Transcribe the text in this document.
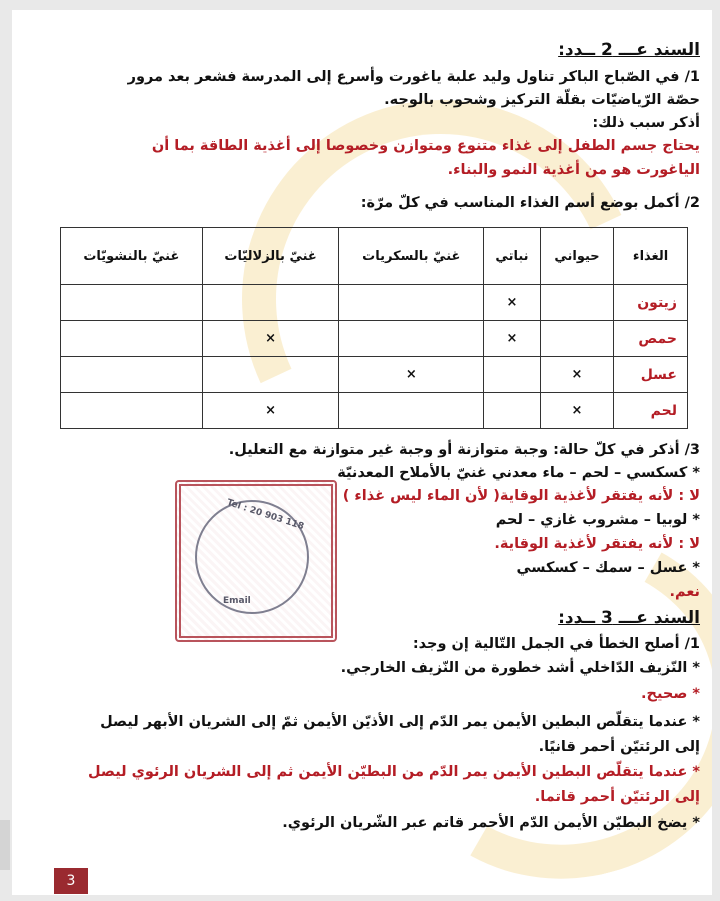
السند عـــ 2 ــدد:
1/ في الصّباح الباكر تناول وليد علبة ياغورت وأسرع إلى المدرسة فشعر بعد مرور
حصّة الرّياضيّات بقلّة التركيز وشحوب بالوجه.
أذكر سبب ذلك:
يحتاج جسم الطفل إلى غذاء متنوع ومتوازن وخصوصا إلى أغذية الطاقة بما أن
الياغورت هو من أغذية النمو والبناء.
2/ أكمل بوضع أسم الغذاء المناسب في كلّ مرّة:
الغذاء	حيواني	نباتي	غنيّ بالسكريات	غنيّ بالزلاليّات	غنيّ بالنشويّات
زيتون		×			
حمص		×		×	
عسل	×		×		
لحم	×			×	
3/ أذكر في كلّ حالة: وجبة متوازنة أو وجبة غير متوازنة مع التعليل.
* كسكسي – لحم – ماء معدني غنيّ بالأملاح المعدنيّة
لا : لأنه يفتقر لأغذية الوقاية( لأن الماء ليس غذاء )
* لوبيا – مشروب غازي – لحم
لا : لأنه يفتقر لأغذية الوقاية.
* عسل – سمك – كسكسي
نعم.
السند عـــ 3 ــدد:
1/ أصلح الخطأ في الجمل التّالية إن وجد:
* النّزيف الدّاخلي أشد خطورة من النّزيف الخارجي.
* صحيح.
* عندما يتقلّص البطين الأيمن يمر الدّم إلى الأذيّن الأيمن ثمّ إلى الشريان الأبهر ليصل
إلى الرئتيّن أحمر قانيًا.
* عندما يتقلّص البطين الأيمن يمر الدّم من البطيّن الأيمن ثم إلى الشريان الرئوي ليصل
إلى الرئتيّن أحمر قاتما.
* يضخ البطيّن الأيمن الدّم الأحمر قاتم عبر الشّريان الرئوي.
Tel : 20 903 118
Email
3
